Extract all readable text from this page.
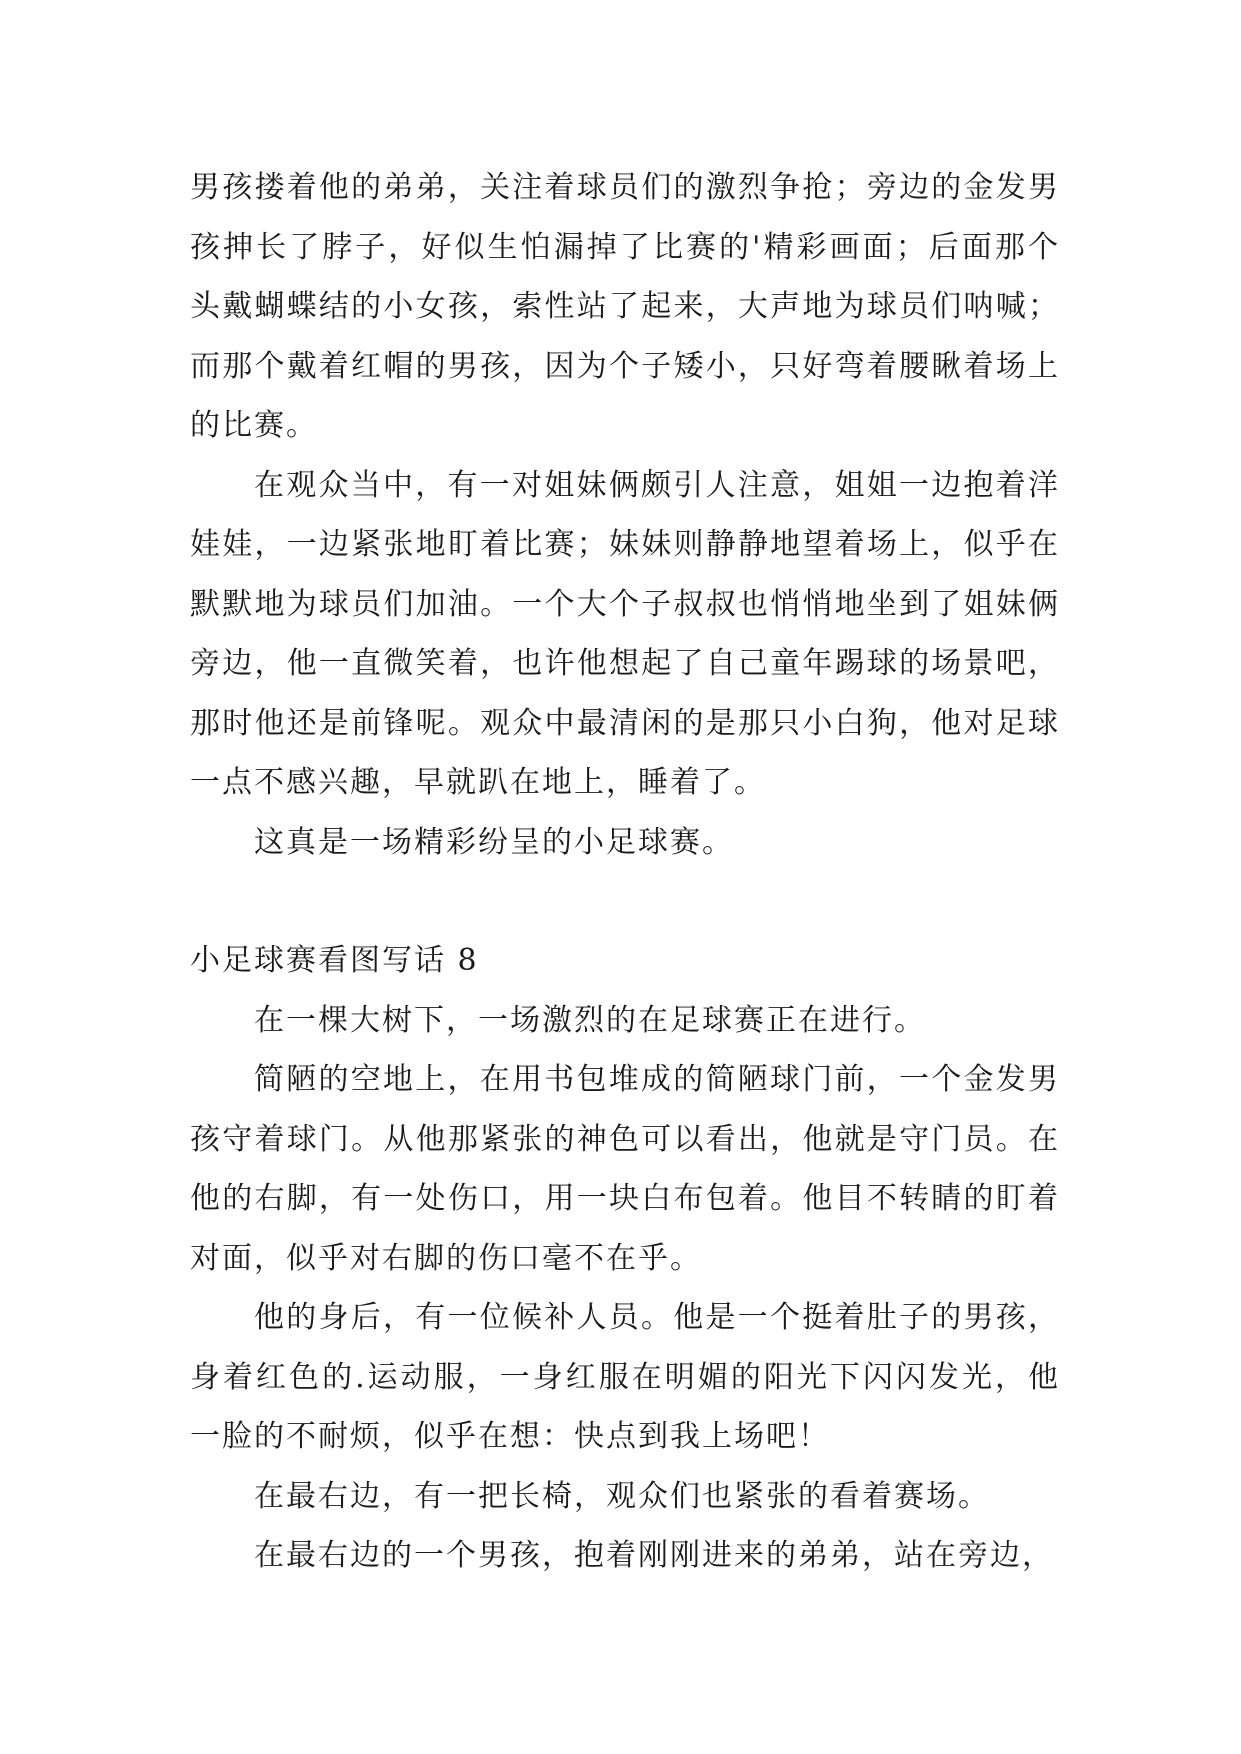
男孩搂着他的弟弟，关注着球员们的激烈争抢；旁边的金发男孩抻长了脖子，好似生怕漏掉了比赛的'精彩画面；后面那个头戴蝴蝶结的小女孩，索性站了起来，大声地为球员们呐喊；而那个戴着红帽的男孩，因为个子矮小，只好弯着腰瞅着场上的比赛。

在观众当中，有一对姐妹俩颇引人注意，姐姐一边抱着洋娃娃，一边紧张地盯着比赛；妹妹则静静地望着场上，似乎在默默地为球员们加油。一个大个子叔叔也悄悄地坐到了姐妹俩旁边，他一直微笑着，也许他想起了自己童年踢球的场景吧，那时他还是前锋呢。观众中最清闲的是那只小白狗，他对足球一点不感兴趣，早就趴在地上，睡着了。

这真是一场精彩纷呈的小足球赛。

小足球赛看图写话 8

在一棵大树下，一场激烈的在足球赛正在进行。

简陋的空地上，在用书包堆成的简陋球门前，一个金发男孩守着球门。从他那紧张的神色可以看出，他就是守门员。在他的右脚，有一处伤口，用一块白布包着。他目不转睛的盯着对面，似乎对右脚的伤口毫不在乎。

他的身后，有一位候补人员。他是一个挺着肚子的男孩，身着红色的.运动服，一身红服在明媚的阳光下闪闪发光，他一脸的不耐烦，似乎在想：快点到我上场吧！

在最右边，有一把长椅，观众们也紧张的看着赛场。

在最右边的一个男孩，抱着刚刚进来的弟弟，站在旁边，
